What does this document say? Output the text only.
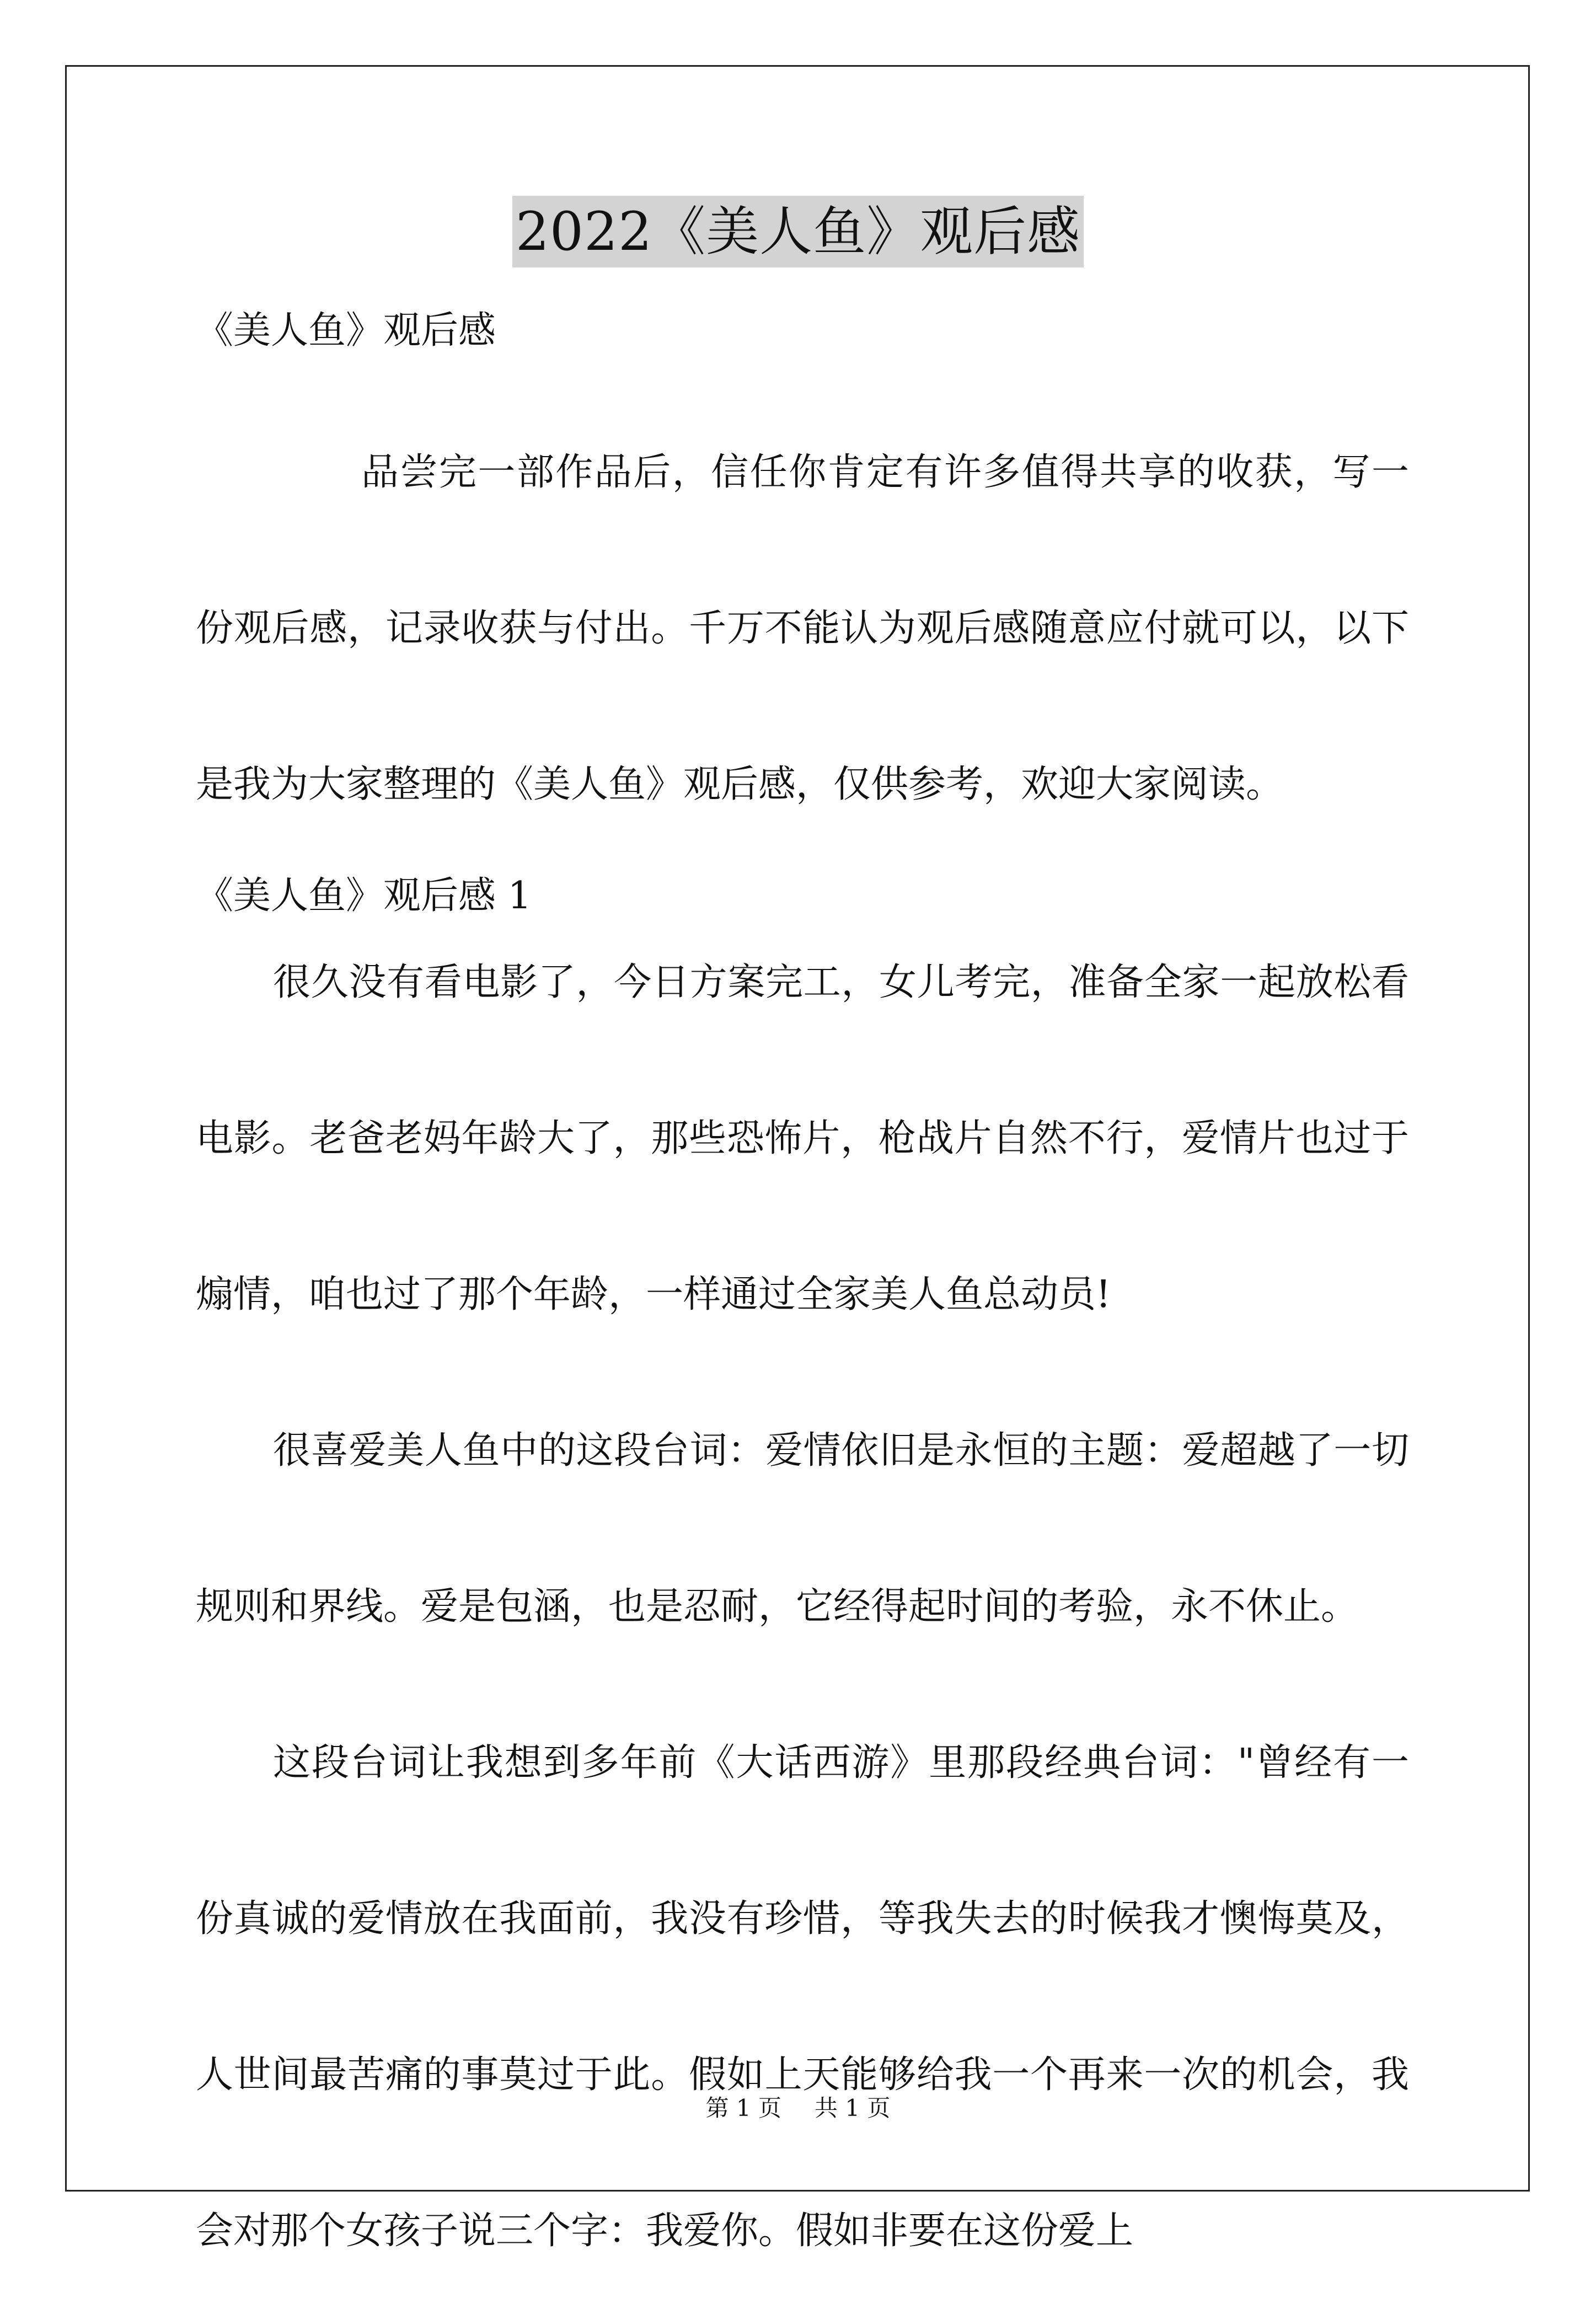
2022《美人鱼》观后感
《美人鱼》观后感

品尝完一部作品后，信任你肯定有许多值得共享的收获，写一份观后感，记录收获与付出。千万不能认为观后感随意应付就可以，以下是我为大家整理的《美人鱼》观后感，仅供参考，欢迎大家阅读。

《美人鱼》观后感 1

很久没有看电影了，今日方案完工，女儿考完，准备全家一起放松看电影。老爸老妈年龄大了，那些恐怖片，枪战片自然不行，爱情片也过于煽情，咱也过了那个年龄，一样通过全家美人鱼总动员!

很喜爱美人鱼中的这段台词：爱情依旧是永恒的主题：爱超越了一切规则和界线。爱是包涵，也是忍耐，它经得起时间的考验，永不休止。

这段台词让我想到多年前《大话西游》里那段经典台词："曾经有一份真诚的爱情放在我面前，我没有珍惜，等我失去的时候我才懊悔莫及，人世间最苦痛的事莫过于此。假如上天能够给我一个再来一次的机会，我会对那个女孩子说三个字：我爱你。假如非要在这份爱上

第 1 页 共 1 页
